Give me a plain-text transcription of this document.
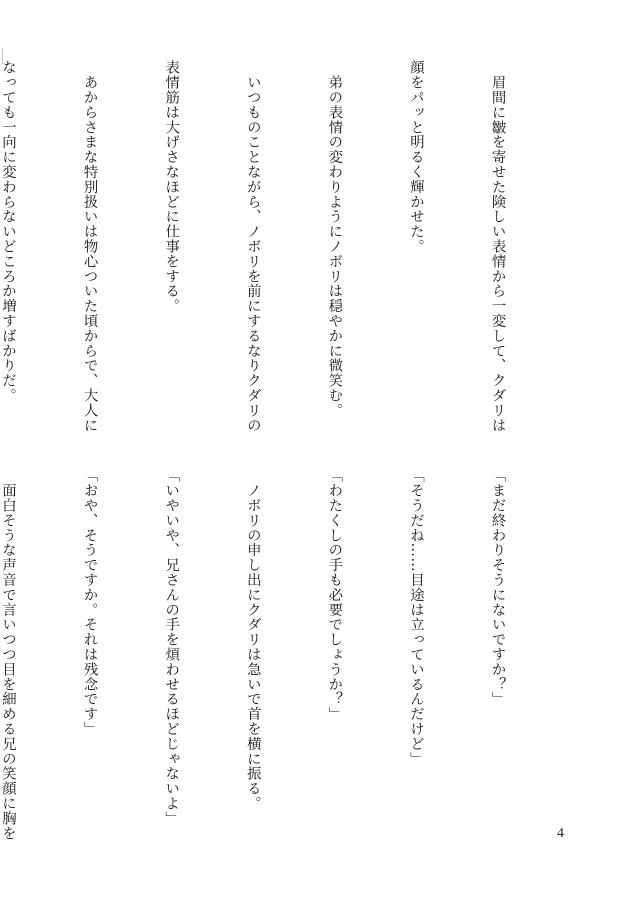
　眉間に皺を寄せた険しい表情から一変して、クダリは

顔をパッと明るく輝かせた。

　弟の表情の変わりようにノボリは穏やかに微笑む。

　いつものことながら、ノボリを前にするなりクダリの

表情筋は大げさなほどに仕事をする。

　あからさまな特別扱いは物心ついた頃からで、大人に

なっても一向に変わらないどころか増すばかりだ。

「まだ終わりそうにないですか？」

「そうだね……目途は立っているんだけど」

「わたくしの手も必要でしょうか？」

　ノボリの申し出にクダリは急いで首を横に振る。

「いやいや、兄さんの手を煩わせるほどじゃないよ」

「おや、そうですか。それは残念です」

　面白そうな声音で言いつつ目を細める兄の笑顔に胸を

	4
